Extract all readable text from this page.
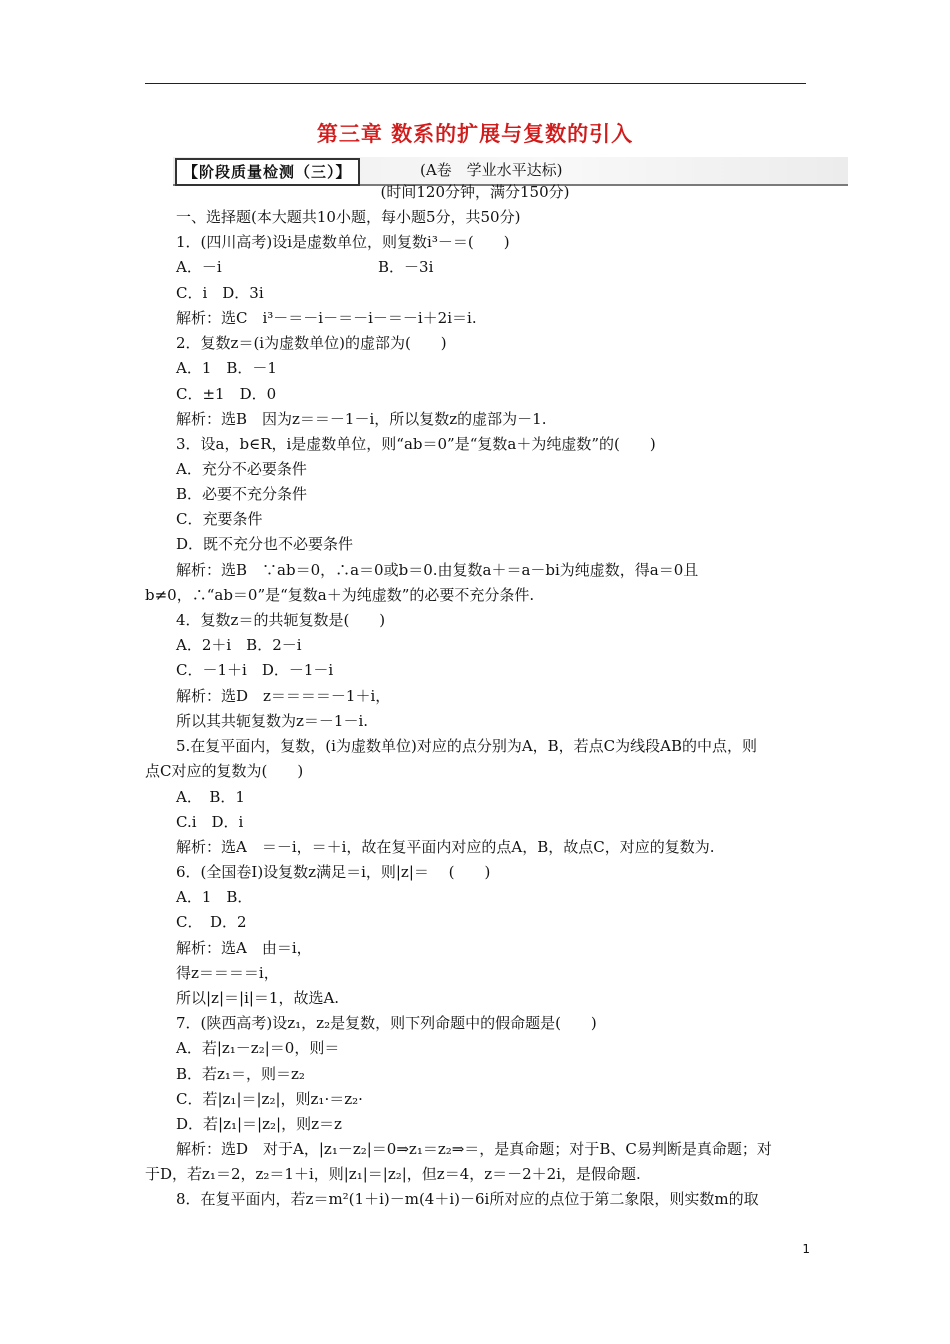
第三章 数系的扩展与复数的引入
【阶段质量检测（三）】	(A卷　学业水平达标)
(时间120分钟，满分150分)
一、选择题(本大题共10小题，每小题5分，共50分)
1．(四川高考)设i是虚数单位，则复数i³－＝(　　)
A．－i	B．－3i
C．i　D．3i
解析：选C　i³－＝－i－＝－i－＝－i＋2i＝i.
2．复数z＝(i为虚数单位)的虚部为(　　)
A．1　B．－1
C．±1　D．0
解析：选B　因为z＝＝－1－i，所以复数z的虚部为－1.
3．设a，b∈R，i是虚数单位，则“ab＝0”是“复数a＋为纯虚数”的(　　)
A．充分不必要条件
B．必要不充分条件
C．充要条件
D．既不充分也不必要条件
解析：选B　∵ab＝0，∴a＝0或b＝0.由复数a＋＝a－bi为纯虚数，得a＝0且
b≠0，∴“ab＝0”是“复数a＋为纯虚数”的必要不充分条件.
4．复数z＝的共轭复数是(　　)
A．2＋i　B．2－i
C．－1＋i　D．－1－i
解析：选D　z＝＝＝＝－1＋i，
所以其共轭复数为z＝－1－i.
5.在复平面内，复数，(i为虚数单位)对应的点分别为A，B，若点C为线段AB的中点，则
点C对应的复数为(　　)
A．　B．1
C.i　D．i
解析：选A　＝－i，＝＋i，故在复平面内对应的点A，B，故点C，对应的复数为.
6．(全国卷Ⅰ)设复数z满足＝i，则|z|＝　 (　　)
A．1　B．
C．　D．2
解析：选A　由＝i，
得z＝＝＝＝i，
所以|z|＝|i|＝1，故选A.
7．(陕西高考)设z₁，z₂是复数，则下列命题中的假命题是(　　)
A．若|z₁－z₂|＝0，则＝
B．若z₁＝，则＝z₂
C．若|z₁|＝|z₂|，则z₁·＝z₂·
D．若|z₁|＝|z₂|，则z＝z
解析：选D　对于A，|z₁－z₂|＝0⇒z₁＝z₂⇒＝，是真命题；对于B、C易判断是真命题；对
于D，若z₁＝2，z₂＝1＋i，则|z₁|＝|z₂|，但z＝4，z＝－2＋2i，是假命题.
8．在复平面内，若z＝m²(1＋i)－m(4＋i)－6i所对应的点位于第二象限，则实数m的取
1
